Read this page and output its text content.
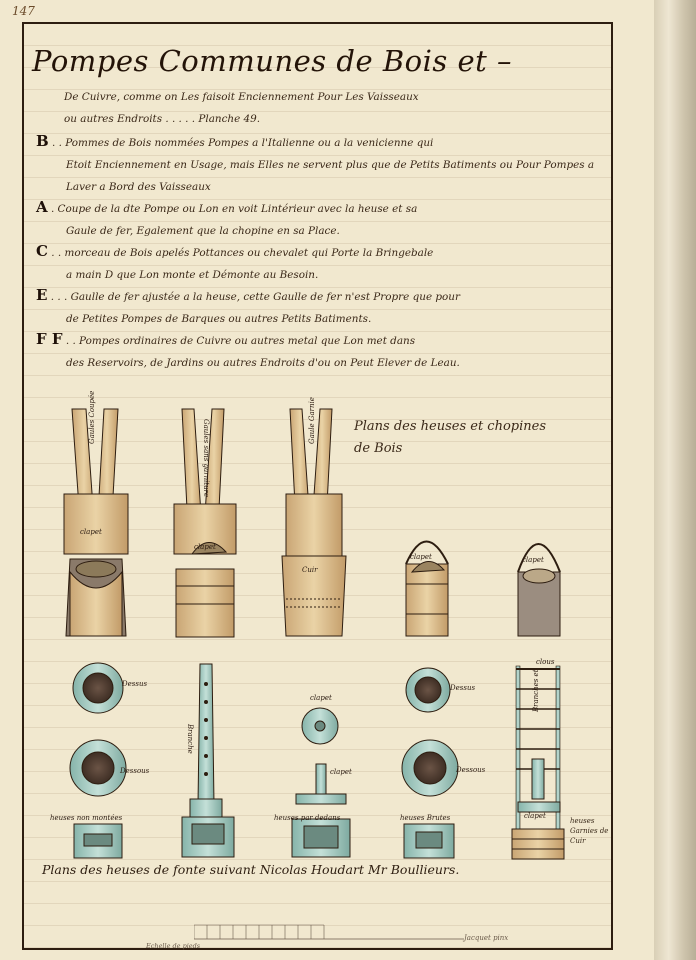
147
Pompes Communes de Bois et –
De Cuivre, comme on Les faisoit Enciennement Pour Les Vaisseaux
ou autres Endroits . . . . . Planche 49.
B . . Pommes de Bois nommées Pompes a l'Italienne ou a la venicienne qui
Etoit Enciennement en Usage, mais Elles ne servent plus que de Petits Batiments ou Pour Pompes a Laver a Bord des Vaisseaux
A . Coupe de la dte Pompe ou Lon en voit Lintérieur avec la heuse et sa
Gaule de fer, Egalement que la chopine en sa Place.
C . . morceau de Bois apelés Pottances ou chevalet qui Porte la Bringebale
a main D que Lon monte et Démonte au Besoin.
E . . . Gaulle de fer ajustée a la heuse, cette Gaulle de fer n'est Propre que pour
de Petites Pompes de Barques ou autres Petits Batiments.
F F . . Pompes ordinaires de Cuivre ou autres metal que Lon met dans
des Reservoirs, de Jardins ou autres Endroits d'ou on Peut Elever de Leau.
Plans des heuses et chopines de Bois
Gaules Coupée
clapet
Gaules sans garniture
clapet
Gaule Garnie
Cuir
clapet	clapet
Dessus
Dessous
heuses non montées
Branche
clapet
clapet
heuses par dedans
Dessus
Dessous
heuses Brutes
Branches et
clous
clapet
heuses Garnies de Cuir
Plans des heuses de fonte suivant Nicolas Houdart Mr Boullieurs.
Echelle de pieds
Jacquet pinx
